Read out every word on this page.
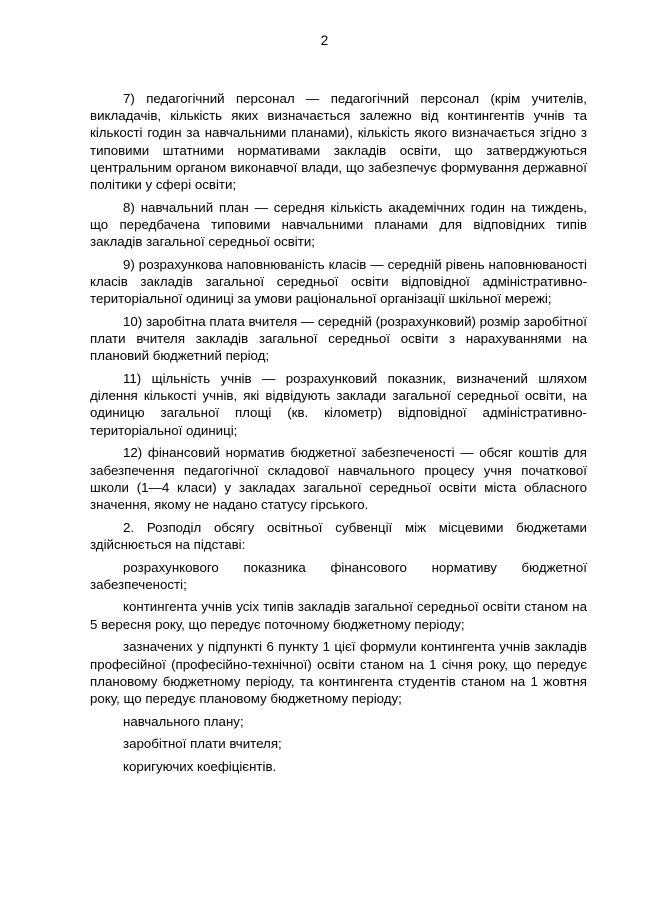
2

7) педагогічний персонал — педагогічний персонал (крім учителів, викладачів, кількість яких визначається залежно від контингентів учнів та кількості годин за навчальними планами), кількість якого визначається згідно з типовими штатними нормативами закладів освіти, що затверджуються центральним органом виконавчої влади, що забезпечує формування державної політики у сфері освіти;

8) навчальний план — середня кількість академічних годин на тиждень, що передбачена типовими навчальними планами для відповідних типів закладів загальної середньої освіти;

9) розрахункова наповнюваність класів — середній рівень наповнюваності класів закладів загальної середньої освіти відповідної адміністративно-територіальної одиниці за умови раціональної організації шкільної мережі;

10) заробітна плата вчителя — середній (розрахунковий) розмір заробітної плати вчителя закладів загальної середньої освіти з нарахуваннями на плановий бюджетний період;

11) щільність учнів — розрахунковий показник, визначений шляхом ділення кількості учнів, які відвідують заклади загальної середньої освіти, на одиницю загальної площі (кв. кілометр) відповідної адміністративно-територіальної одиниці;

12) фінансовий норматив бюджетної забезпеченості — обсяг коштів для забезпечення педагогічної складової навчального процесу учня початкової школи (1—4 класи) у закладах загальної середньої освіти міста обласного значення, якому не надано статусу гірського.

2. Розподіл обсягу освітньої субвенції між місцевими бюджетами здійснюється на підставі:

розрахункового показника фінансового нормативу бюджетної забезпеченості;

контингента учнів усіх типів закладів загальної середньої освіти станом на 5 вересня року, що передує поточному бюджетному періоду;

зазначених у підпункті 6 пункту 1 цієї формули контингента учнів закладів професійної (професійно-технічної) освіти станом на 1 січня року, що передує плановому бюджетному періоду, та контингента студентів станом на 1 жовтня року, що передує плановому бюджетному періоду;

навчального плану;

заробітної плати вчителя;

коригуючих коефіцієнтів.
